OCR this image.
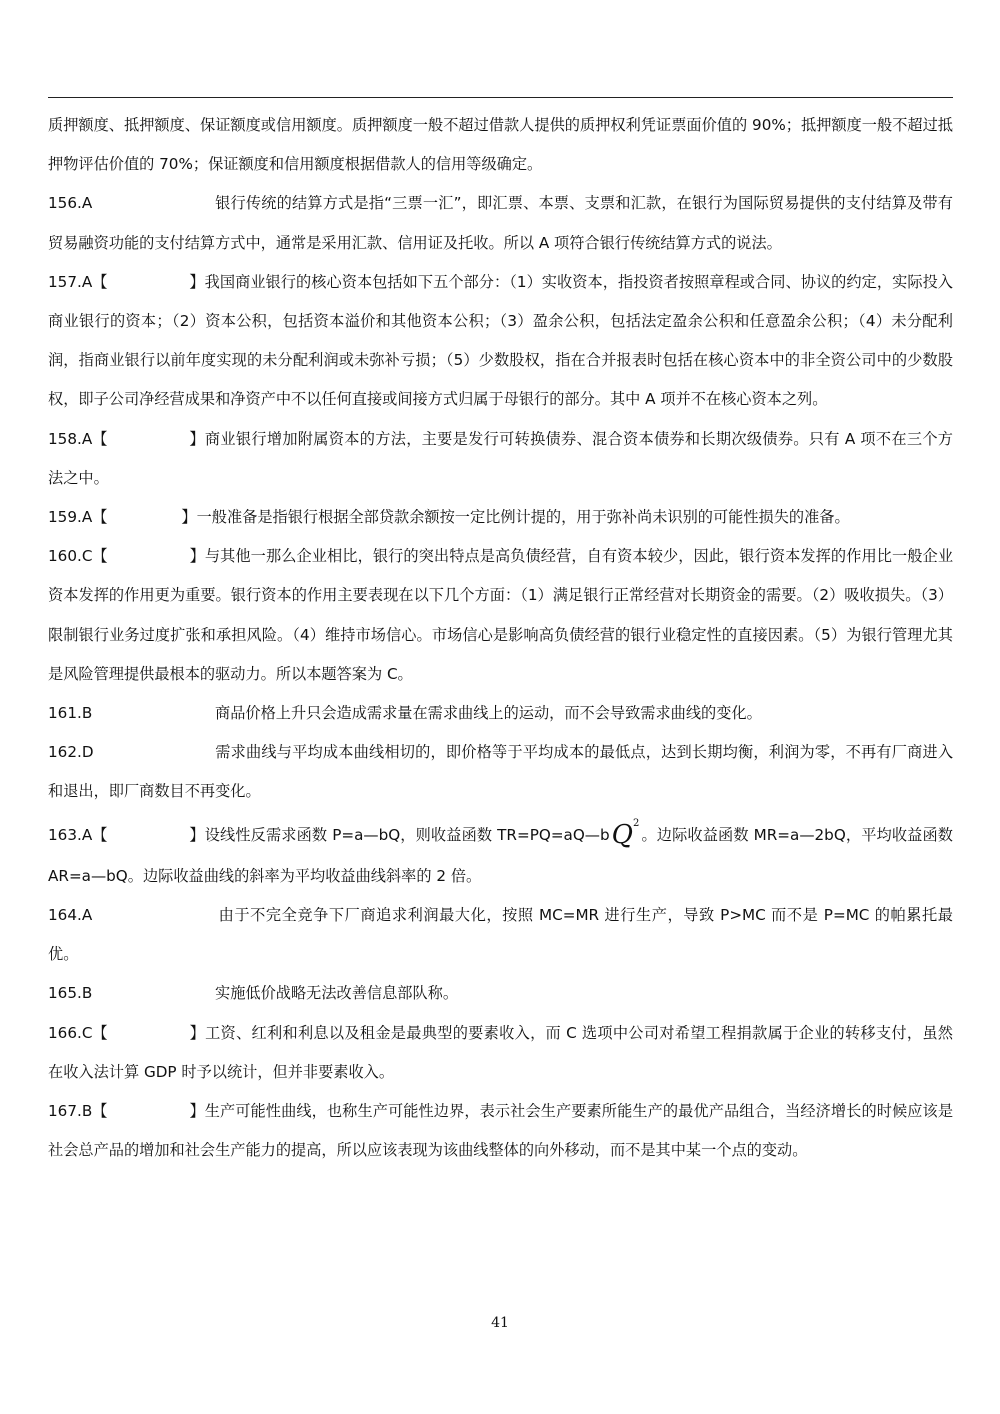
质押额度、抵押额度、保证额度或信用额度。质押额度一般不超过借款人提供的质押权利凭证票面价值的 90%；抵押额度一般不超过抵押物评估价值的 70%；保证额度和信用额度根据借款人的信用等级确定。

156.A	银行传统的结算方式是指“三票一汇”，即汇票、本票、支票和汇款，在银行为国际贸易提供的支付结算及带有贸易融资功能的支付结算方式中，通常是采用汇款、信用证及托收。所以 A 项符合银行传统结算方式的说法。

157.A【	】我国商业银行的核心资本包括如下五个部分：（1）实收资本，指投资者按照章程或合同、协议的约定，实际投入商业银行的资本；（2）资本公积，包括资本溢价和其他资本公积；（3）盈余公积，包括法定盈余公积和任意盈余公积；（4）未分配利润，指商业银行以前年度实现的未分配利润或未弥补亏损；（5）少数股权，指在合并报表时包括在核心资本中的非全资公司中的少数股权，即子公司净经营成果和净资产中不以任何直接或间接方式归属于母银行的部分。其中 A 项并不在核心资本之列。

158.A【	】商业银行增加附属资本的方法，主要是发行可转换债券、混合资本债券和长期次级债券。只有 A 项不在三个方法之中。

159.A【	】一般准备是指银行根据全部贷款余额按一定比例计提的，用于弥补尚未识别的可能性损失的准备。

160.C【	】与其他一那么企业相比，银行的突出特点是高负债经营，自有资本较少，因此，银行资本发挥的作用比一般企业资本发挥的作用更为重要。银行资本的作用主要表现在以下几个方面：（1）满足银行正常经营对长期资金的需要。（2）吸收损失。（3）限制银行业务过度扩张和承担风险。（4）维持市场信心。市场信心是影响高负债经营的银行业稳定性的直接因素。（5）为银行管理尤其是风险管理提供最根本的驱动力。所以本题答案为 C。

161.B	商品价格上升只会造成需求量在需求曲线上的运动，而不会导致需求曲线的变化。

162.D	需求曲线与平均成本曲线相切的，即价格等于平均成本的最低点，达到长期均衡，利润为零，不再有厂商进入和退出，即厂商数目不再变化。

163.A【	】设线性反需求函数 P=a—bQ，则收益函数 $TR=PQ=aQ—bQ^2$。边际收益函数 MR=a—2bQ，平均收益函数 AR=a—bQ。边际收益曲线的斜率为平均收益曲线斜率的 2 倍。

164.A	由于不完全竞争下厂商追求利润最大化，按照 MC=MR 进行生产，导致 P>MC 而不是 P=MC 的帕累托最优。

165.B	实施低价战略无法改善信息部队称。

166.C【	】工资、红利和利息以及租金是最典型的要素收入，而 C 选项中公司对希望工程捐款属于企业的转移支付，虽然在收入法计算 GDP 时予以统计，但并非要素收入。

167.B【	】生产可能性曲线，也称生产可能性边界，表示社会生产要素所能生产的最优产品组合，当经济增长的时候应该是社会总产品的增加和社会生产能力的提高，所以应该表现为该曲线整体的向外移动，而不是其中某一个点的变动。

41
